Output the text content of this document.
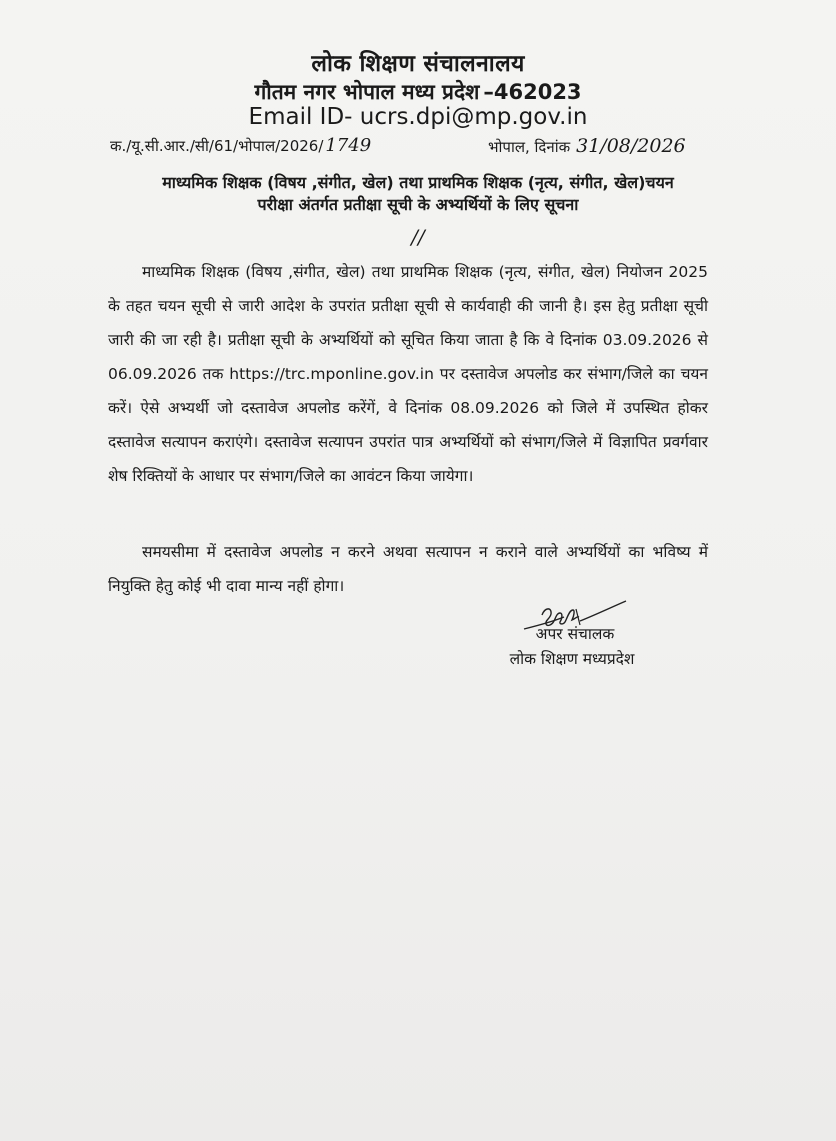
लोक शिक्षण संचालनालय
गौतम नगर भोपाल मध्य प्रदेश –462023
Email ID- ucrs.dpi@mp.gov.in
क./यू.सी.आर./सी/61/भोपाल/2026/ 1749	भोपाल, दिनांक 31/08/2026
माध्यमिक शिक्षक (विषय ,संगीत, खेल) तथा प्राथमिक शिक्षक (नृत्य, संगीत, खेल)चयन
परीक्षा अंतर्गत प्रतीक्षा सूची के अभ्यर्थियों के लिए सूचना
//

माध्यमिक शिक्षक (विषय ,संगीत, खेल) तथा प्राथमिक शिक्षक (नृत्य, संगीत, खेल) नियोजन 2025 के तहत चयन सूची से जारी आदेश के उपरांत प्रतीक्षा सूची से कार्यवाही की जानी है। इस हेतु प्रतीक्षा सूची जारी की जा रही है। प्रतीक्षा सूची के अभ्यर्थियों को सूचित किया जाता है कि वे दिनांक 03.09.2026 से 06.09.2026 तक https://trc.mponline.gov.in पर दस्तावेज अपलोड कर संभाग/जिले का चयन करें। ऐसे अभ्यर्थी जो दस्तावेज अपलोड करेंगें, वे दिनांक 08.09.2026 को जिले में उपस्थित होकर दस्तावेज सत्यापन कराएंगे। दस्तावेज सत्यापन उपरांत पात्र अभ्यर्थियों को संभाग/जिले में विज्ञापित प्रवर्गवार शेष रिक्तियों के आधार पर संभाग/जिले का आवंटन किया जायेगा।

समयसीमा में दस्तावेज अपलोड न करने अथवा सत्यापन न कराने वाले अभ्यर्थियों का भविष्य में नियुक्ति हेतु कोई भी दावा मान्य नहीं होगा।

अपर संचालक
लोक शिक्षण मध्यप्रदेश
